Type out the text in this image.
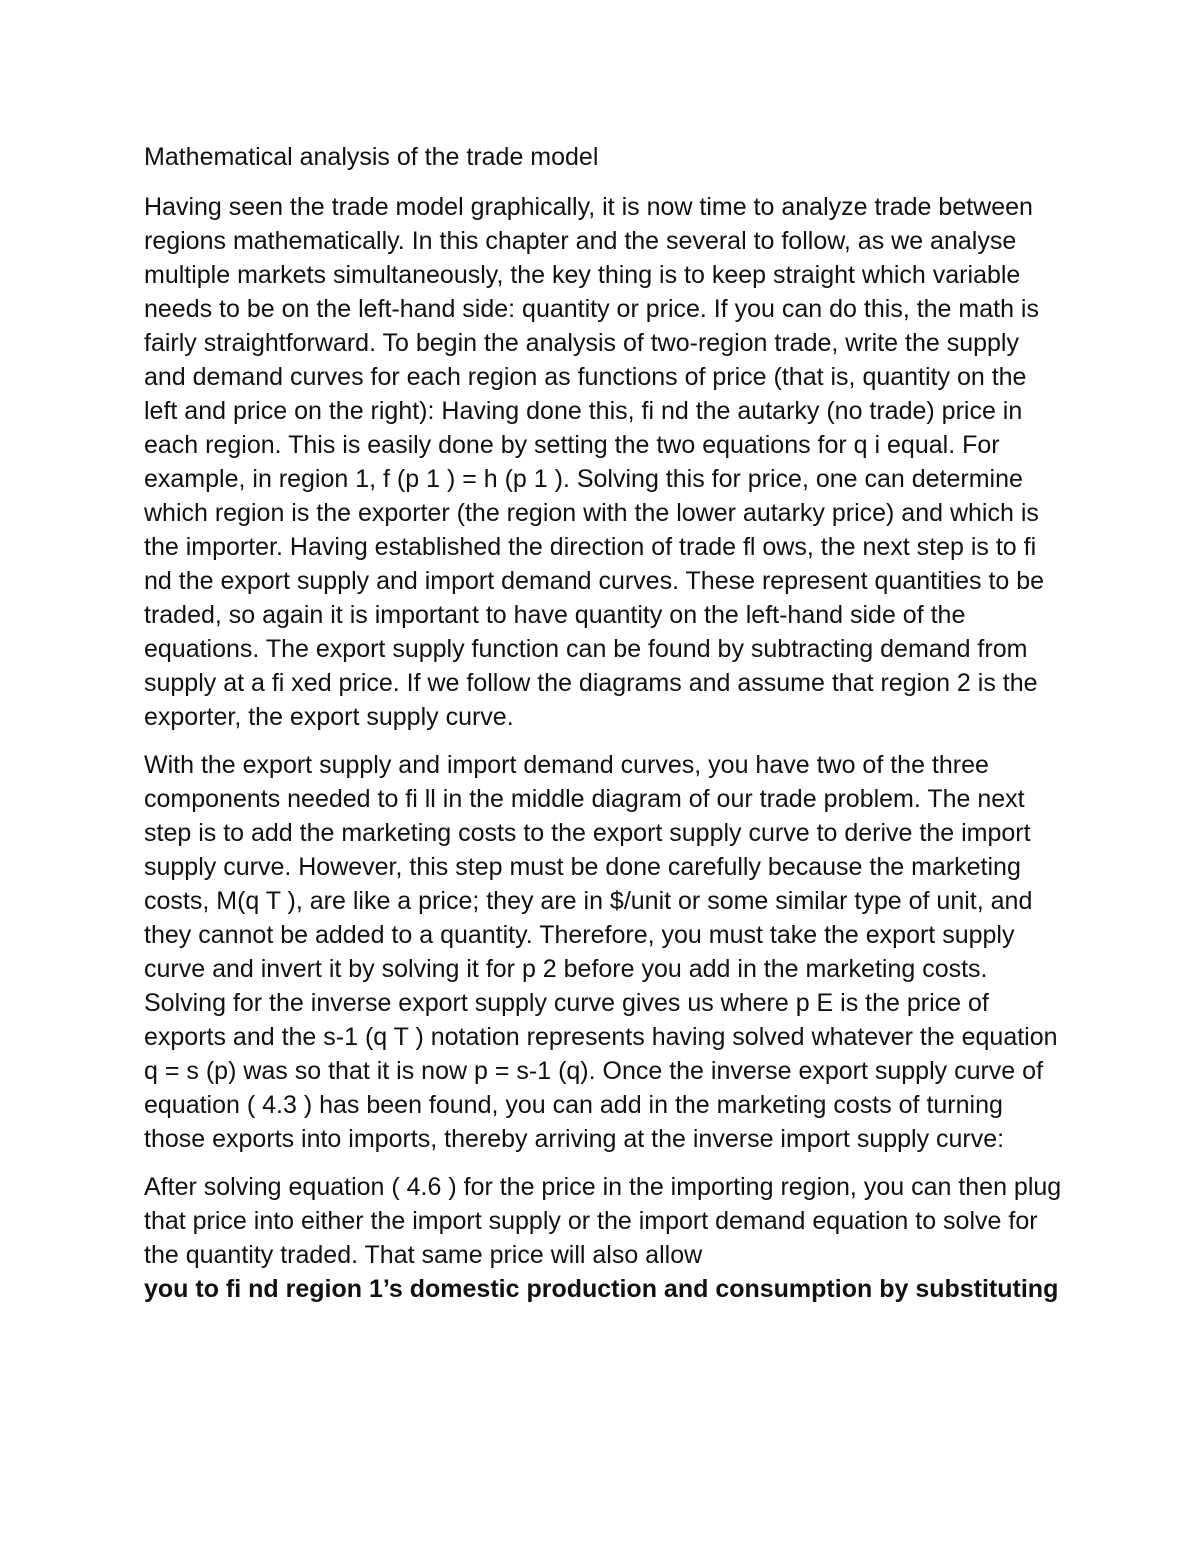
Mathematical analysis of the trade model

Having seen the trade model graphically, it is now time to analyze trade between regions mathematically. In this chapter and the several to follow, as we analyse multiple markets simultaneously, the key thing is to keep straight which variable needs to be on the left-hand side: quantity or price. If you can do this, the math is fairly straightforward. To begin the analysis of two-region trade, write the supply and demand curves for each region as functions of price (that is, quantity on the left and price on the right): Having done this, fi nd the autarky (no trade) price in each region. This is easily done by setting the two equations for q i equal. For example, in region 1, f (p 1 ) = h (p 1 ). Solving this for price, one can determine which region is the exporter (the region with the lower autarky price) and which is the importer. Having established the direction of trade fl ows, the next step is to fi nd the export supply and import demand curves. These represent quantities to be traded, so again it is important to have quantity on the left-hand side of the equations. The export supply function can be found by subtracting demand from supply at a fi xed price. If we follow the diagrams and assume that region 2 is the exporter, the export supply curve.

With the export supply and import demand curves, you have two of the three components needed to fi ll in the middle diagram of our trade problem. The next step is to add the marketing costs to the export supply curve to derive the import supply curve. However, this step must be done carefully because the marketing costs, M(q T ), are like a price; they are in $/unit or some similar type of unit, and they cannot be added to a quantity. Therefore, you must take the export supply curve and invert it by solving it for p 2 before you add in the marketing costs. Solving for the inverse export supply curve gives us where p E is the price of exports and the s-1 (q T ) notation represents having solved whatever the equation q = s (p) was so that it is now p = s-1 (q). Once the inverse export supply curve of equation ( 4.3 ) has been found, you can add in the marketing costs of turning those exports into imports, thereby arriving at the inverse import supply curve:

After solving equation ( 4.6 ) for the price in the importing region, you can then plug that price into either the import supply or the import demand equation to solve for the quantity traded. That same price will also allow
you to fi nd region 1’s domestic production and consumption by substituting
